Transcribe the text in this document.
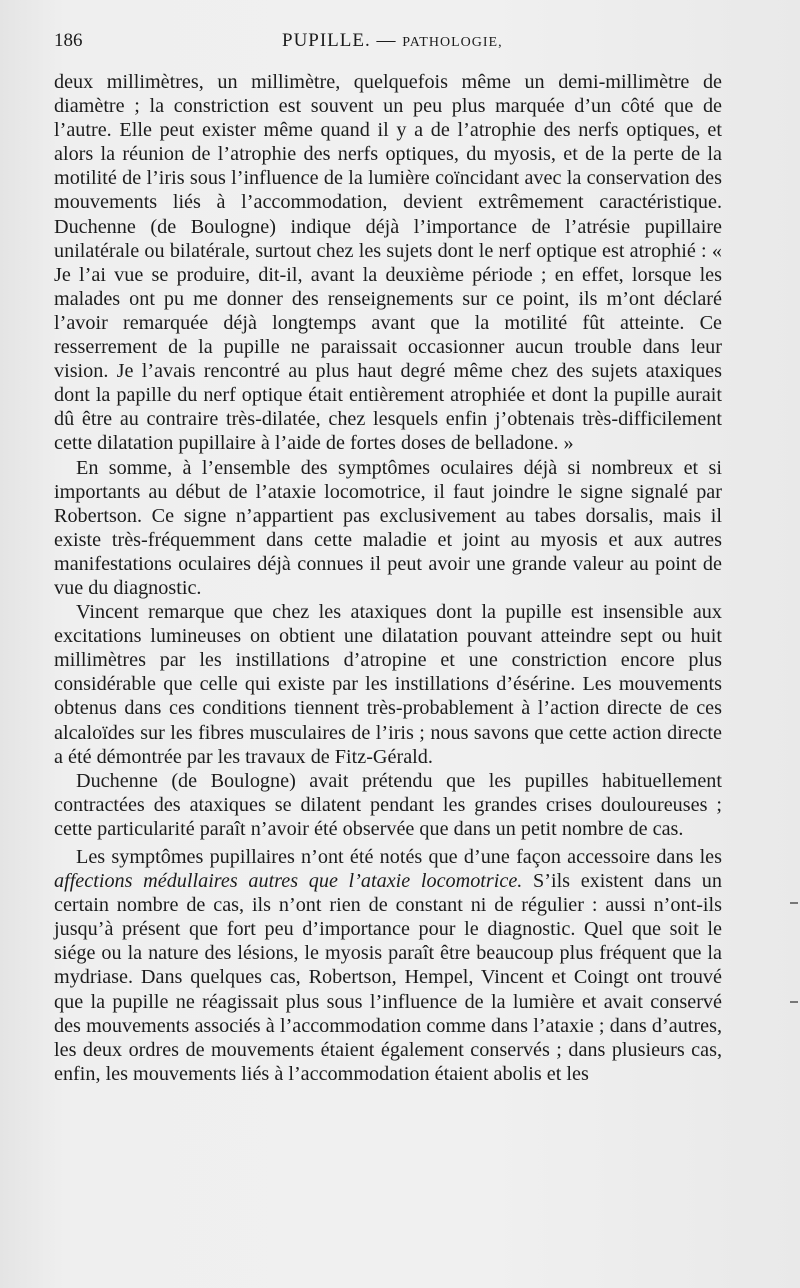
186	PUPILLE. — PATHOLOGIE,

deux millimètres, un millimètre, quelquefois même un demi-millimètre de diamètre ; la constriction est souvent un peu plus marquée d’un côté que de l’autre. Elle peut exister même quand il y a de l’atrophie des nerfs optiques, et alors la réunion de l’atrophie des nerfs optiques, du myosis, et de la perte de la motilité de l’iris sous l’influence de la lumière coïncidant avec la conservation des mouvements liés à l’accommodation, devient extrêmement caractéristique. Duchenne (de Boulogne) indique déjà l’importance de l’atrésie pupillaire unilatérale ou bilatérale, surtout chez les sujets dont le nerf optique est atrophié : « Je l’ai vue se produire, dit-il, avant la deuxième période ; en effet, lorsque les malades ont pu me donner des renseignements sur ce point, ils m’ont déclaré l’avoir remarquée déjà longtemps avant que la motilité fût atteinte. Ce resserrement de la pupille ne paraissait occasionner aucun trouble dans leur vision. Je l’avais rencontré au plus haut degré même chez des sujets ataxiques dont la papille du nerf optique était entièrement atrophiée et dont la pupille aurait dû être au contraire très-dilatée, chez lesquels enfin j’obtenais très-difficilement cette dilatation pupillaire à l’aide de fortes doses de belladone. »

En somme, à l’ensemble des symptômes oculaires déjà si nombreux et si importants au début de l’ataxie locomotrice, il faut joindre le signe signalé par Robertson. Ce signe n’appartient pas exclusivement au tabes dorsalis, mais il existe très-fréquemment dans cette maladie et joint au myosis et aux autres manifestations oculaires déjà connues il peut avoir une grande valeur au point de vue du diagnostic.

Vincent remarque que chez les ataxiques dont la pupille est insensible aux excitations lumineuses on obtient une dilatation pouvant atteindre sept ou huit millimètres par les instillations d’atropine et une constriction encore plus considérable que celle qui existe par les instillations d’ésérine. Les mouvements obtenus dans ces conditions tiennent très-probablement à l’action directe de ces alcaloïdes sur les fibres musculaires de l’iris ; nous savons que cette action directe a été démontrée par les travaux de Fitz-Gérald.

Duchenne (de Boulogne) avait prétendu que les pupilles habituellement contractées des ataxiques se dilatent pendant les grandes crises douloureuses ; cette particularité paraît n’avoir été observée que dans un petit nombre de cas.

Les symptômes pupillaires n’ont été notés que d’une façon accessoire dans les affections médullaires autres que l’ataxie locomotrice. S’ils existent dans un certain nombre de cas, ils n’ont rien de constant ni de régulier : aussi n’ont-ils jusqu’à présent que fort peu d’importance pour le diagnostic. Quel que soit le siége ou la nature des lésions, le myosis paraît être beaucoup plus fréquent que la mydriase. Dans quelques cas, Robertson, Hempel, Vincent et Coingt ont trouvé que la pupille ne réagissait plus sous l’influence de la lumière et avait conservé des mouvements associés à l’accommodation comme dans l’ataxie ; dans d’autres, les deux ordres de mouvements étaient également conservés ; dans plusieurs cas, enfin, les mouvements liés à l’accommodation étaient abolis et les
